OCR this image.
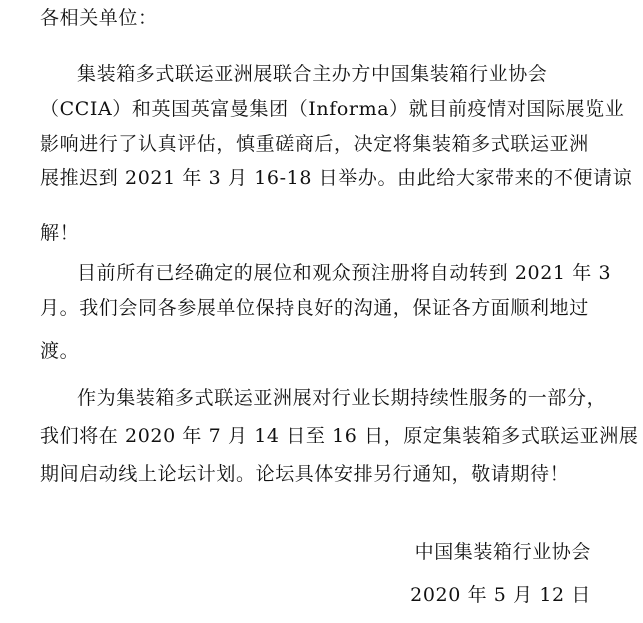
各相关单位：
集装箱多式联运亚洲展联合主办方中国集装箱行业协会
（CCIA）和英国英富曼集团（Informa）就目前疫情对国际展览业
影响进行了认真评估，慎重磋商后，决定将集装箱多式联运亚洲
展推迟到 2021 年 3 月 16-18 日举办。由此给大家带来的不便请谅
解！
目前所有已经确定的展位和观众预注册将自动转到 2021 年 3
月。我们会同各参展单位保持良好的沟通，保证各方面顺利地过
渡。
作为集装箱多式联运亚洲展对行业长期持续性服务的一部分，
我们将在 2020 年 7 月 14 日至 16 日，原定集装箱多式联运亚洲展
期间启动线上论坛计划。论坛具体安排另行通知，敬请期待！
中国集装箱行业协会
2020 年 5 月 12 日
